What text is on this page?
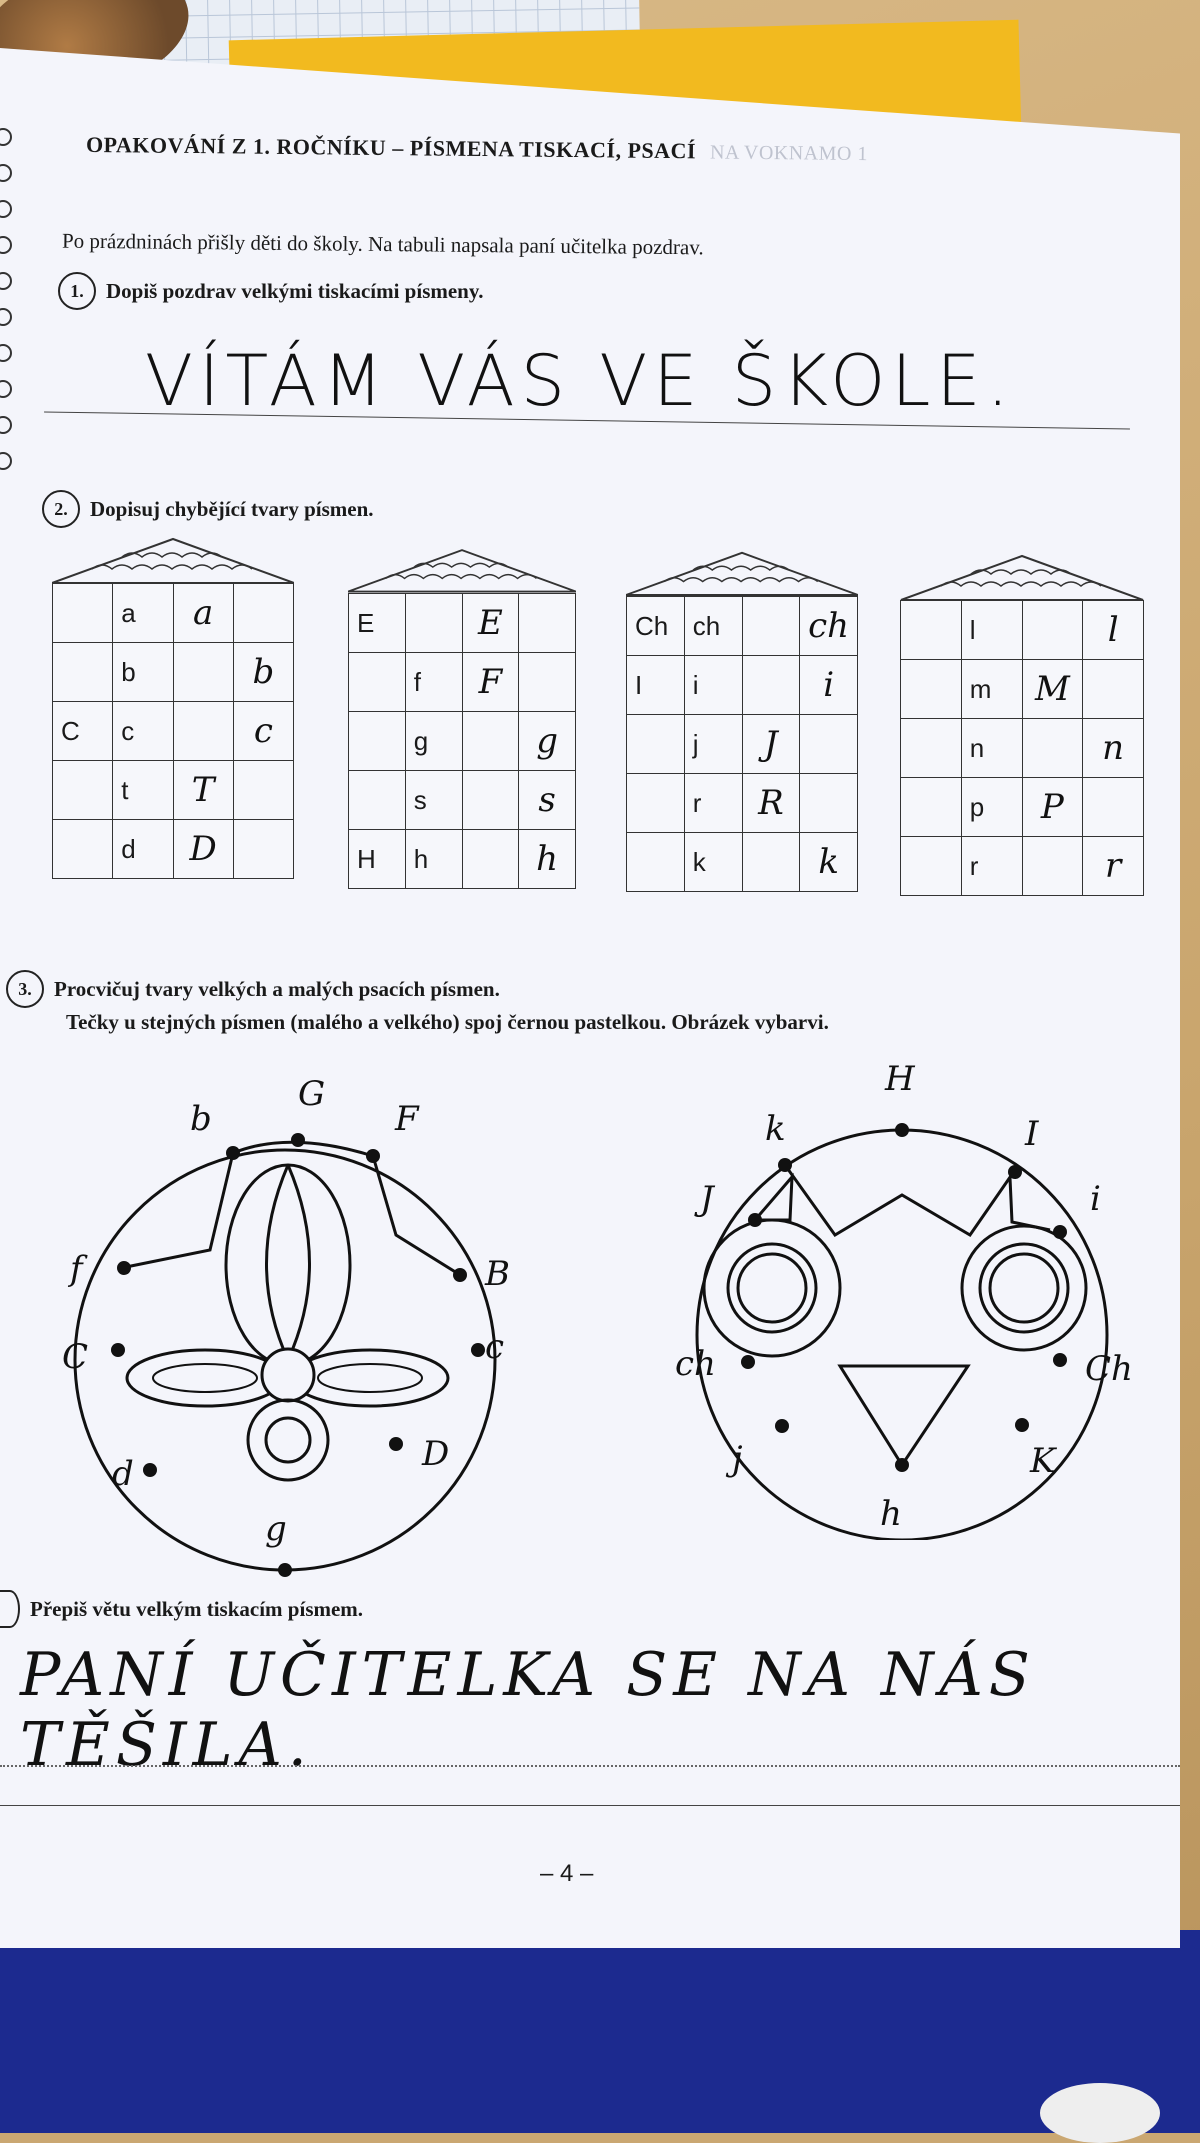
OPAKOVÁNÍ Z 1. ROČNÍKU – PÍSMENA TISKACÍ, PSACÍ NA VOKNAMO 1
Po prázdninách přišly děti do školy. Na tabuli napsala paní učitelka pozdrav.
1.	Dopiš pozdrav velkými tiskacími písmeny.
VÍTÁM VÁS VE ŠKOLE.
2.	Dopisuj chybějící tvary písmen.
	a	a	
	b		b
C	c		c
	t	T	
	d	D	
E		E	
	f	F	
	g		g
	s		s
H	h		h
Ch	ch		ch
I	i		i
	j	J	
	r	R	
	k		k
	l		l
	m	M	
	n		n
	p	P	
	r		r
3.	Procvičuj tvary velkých a malých psacích písmen.
Tečky u stejných písmen (malého a velkého) spoj černou pastelkou. Obrázek vybarvi.
G
b	F
f	B
C	c
d	D
g
H
k
J
I
i
ch	Ch
j	K
h
Přepiš větu velkým tiskacím písmem.
PANÍ UČITELKA SE NA NÁS TĚŠILA.
– 4 –
